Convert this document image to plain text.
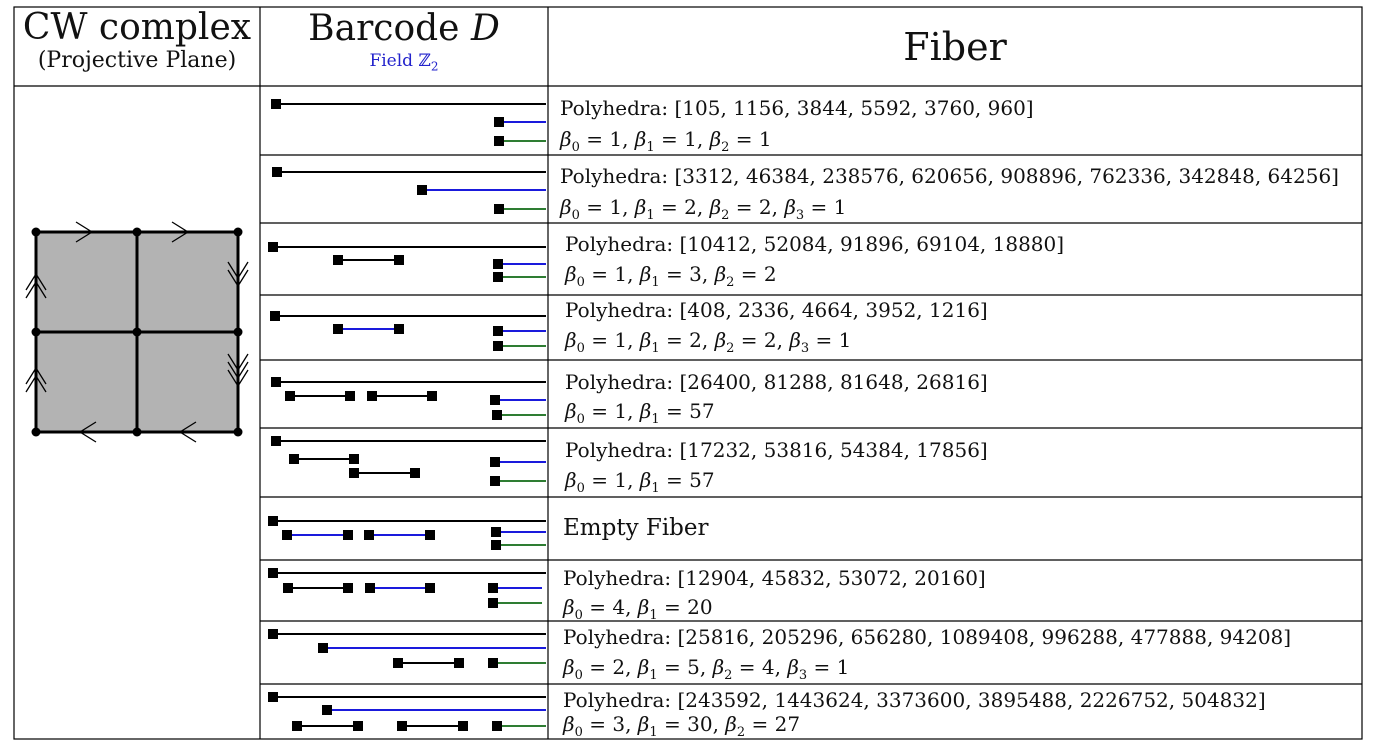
CW complex
(Projective Plane)
Barcode D
Field ℤ$_2$	Fiber
Polyhedra: [105, 1156, 3844, 5592, 3760, 960]
$\beta_0 = 1$, $\beta_1 = 1$, $\beta_2 = 1$
Polyhedra: [3312, 46384, 238576, 620656, 908896, 762336, 342848, 64256]
$\beta_0 = 1$, $\beta_1 = 2$, $\beta_2 = 2$, $\beta_3 = 1$
Polyhedra: [10412, 52084, 91896, 69104, 18880]
$\beta_0 = 1$, $\beta_1 = 3$, $\beta_2 = 2$
Polyhedra: [408, 2336, 4664, 3952, 1216]
$\beta_0 = 1$, $\beta_1 = 2$, $\beta_2 = 2$, $\beta_3 = 1$
Polyhedra: [26400, 81288, 81648, 26816]
$\beta_0 = 1$, $\beta_1 = 57$
Polyhedra: [17232, 53816, 54384, 17856]
$\beta_0 = 1$, $\beta_1 = 57$
Empty Fiber
Polyhedra: [12904, 45832, 53072, 20160]
$\beta_0 = 4$, $\beta_1 = 20$
Polyhedra: [25816, 205296, 656280, 1089408, 996288, 477888, 94208]
$\beta_0 = 2$, $\beta_1 = 5$, $\beta_2 = 4$, $\beta_3 = 1$
Polyhedra: [243592, 1443624, 3373600, 3895488, 2226752, 504832]
$\beta_0 = 3$, $\beta_1 = 30$, $\beta_2 = 27$
